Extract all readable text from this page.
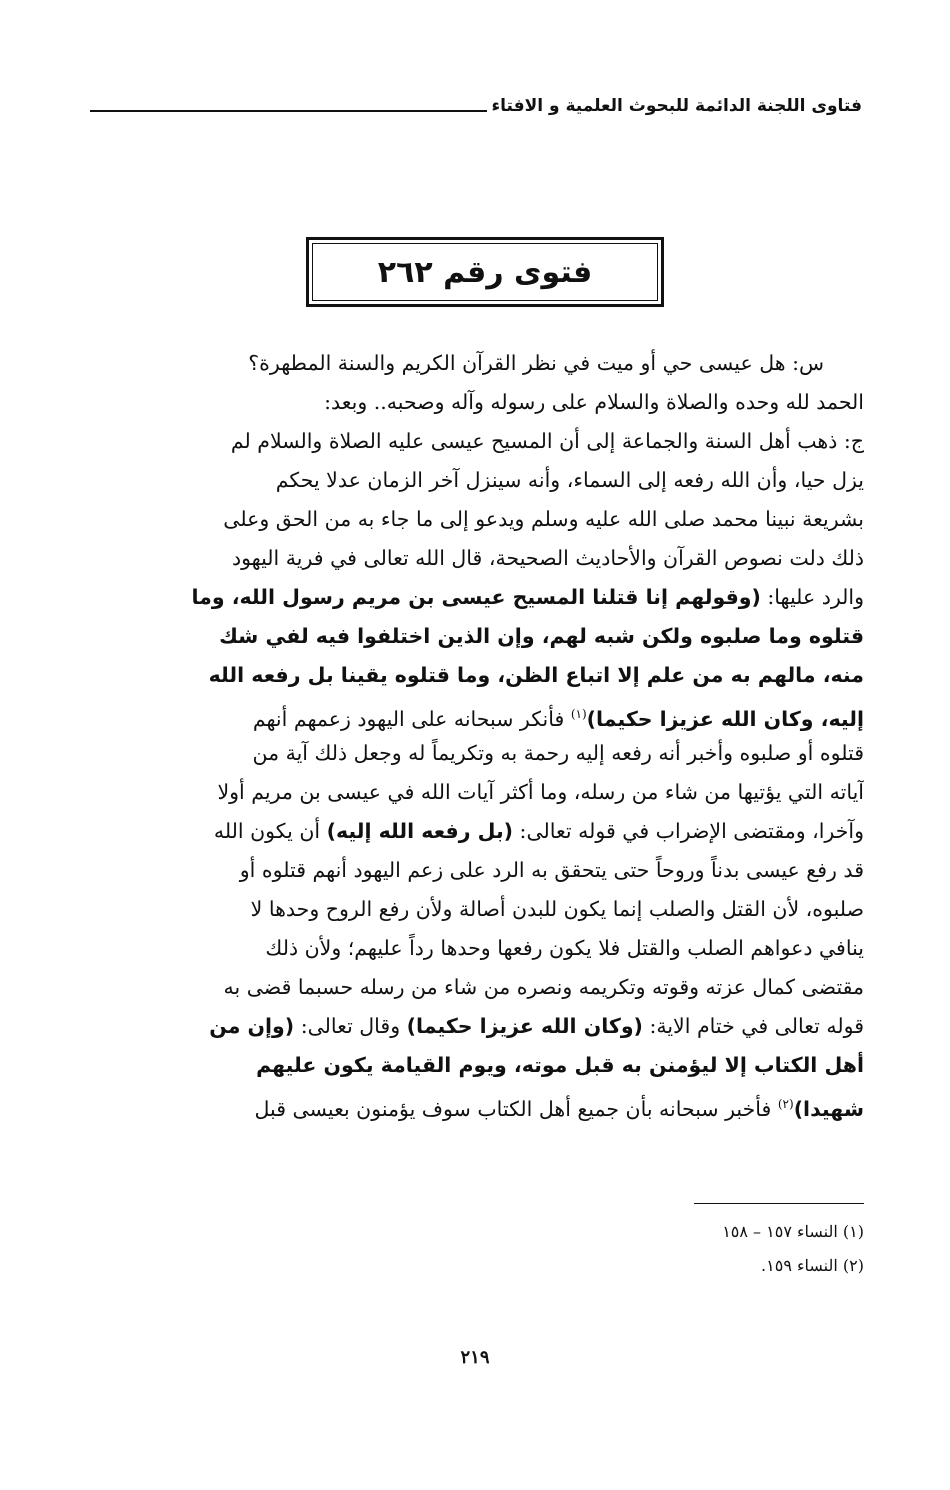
فتاوى اللجنة الدائمة للبحوث العلمية و الافتاء
فتوى رقم ٢٦٢
س: هل عيسى حي أو ميت في نظر القرآن الكريم والسنة المطهرة؟
الحمد لله وحده والصلاة والسلام على رسوله وآله وصحبه.. وبعد:
ج: ذهب أهل السنة والجماعة إلى أن المسيح عيسى عليه الصلاة والسلام لم
يزل حيا، وأن الله رفعه إلى السماء، وأنه سينزل آخر الزمان عدلا يحكم
بشريعة نبينا محمد صلى الله عليه وسلم ويدعو إلى ما جاء به من الحق وعلى
ذلك دلت نصوص القرآن والأحاديث الصحيحة، قال الله تعالى في فرية اليهود
والرد عليها: (وقولهم إنا قتلنا المسيح عيسى بن مريم رسول الله، وما
قتلوه وما صلبوه ولكن شبه لهم، وإن الذين اختلفوا فيه لفي شك
منه، مالهم به من علم إلا اتباع الظن، وما قتلوه يقينا بل رفعه الله
إليه، وكان الله عزيزا حكيما)$^{(١)}$ فأنكر سبحانه على اليهود زعمهم أنهم
قتلوه أو صلبوه وأخبر أنه رفعه إليه رحمة به وتكريماً له وجعل ذلك آية من
آياته التي يؤتيها من شاء من رسله، وما أكثر آيات الله في عيسى بن مريم أولا
وآخرا، ومقتضى الإضراب في قوله تعالى: (بل رفعه الله إليه) أن يكون الله
قد رفع عيسى بدناً وروحاً حتى يتحقق به الرد على زعم اليهود أنهم قتلوه أو
صلبوه، لأن القتل والصلب إنما يكون للبدن أصالة ولأن رفع الروح وحدها لا
ينافي دعواهم الصلب والقتل فلا يكون رفعها وحدها رداً عليهم؛ ولأن ذلك
مقتضى كمال عزته وقوته وتكريمه ونصره من شاء من رسله حسبما قضى به
قوله تعالى في ختام الاية: (وكان الله عزيزا حكيما) وقال تعالى: (وإن من
أهل الكتاب إلا ليؤمنن به قبل موته، ويوم القيامة يكون عليهم
شهيدا)$^{(٢)}$ فأخبر سبحانه بأن جميع أهل الكتاب سوف يؤمنون بعيسى قبل
(١) النساء ١٥٧ – ١٥٨
(٢) النساء ١٥٩.
٢١٩
